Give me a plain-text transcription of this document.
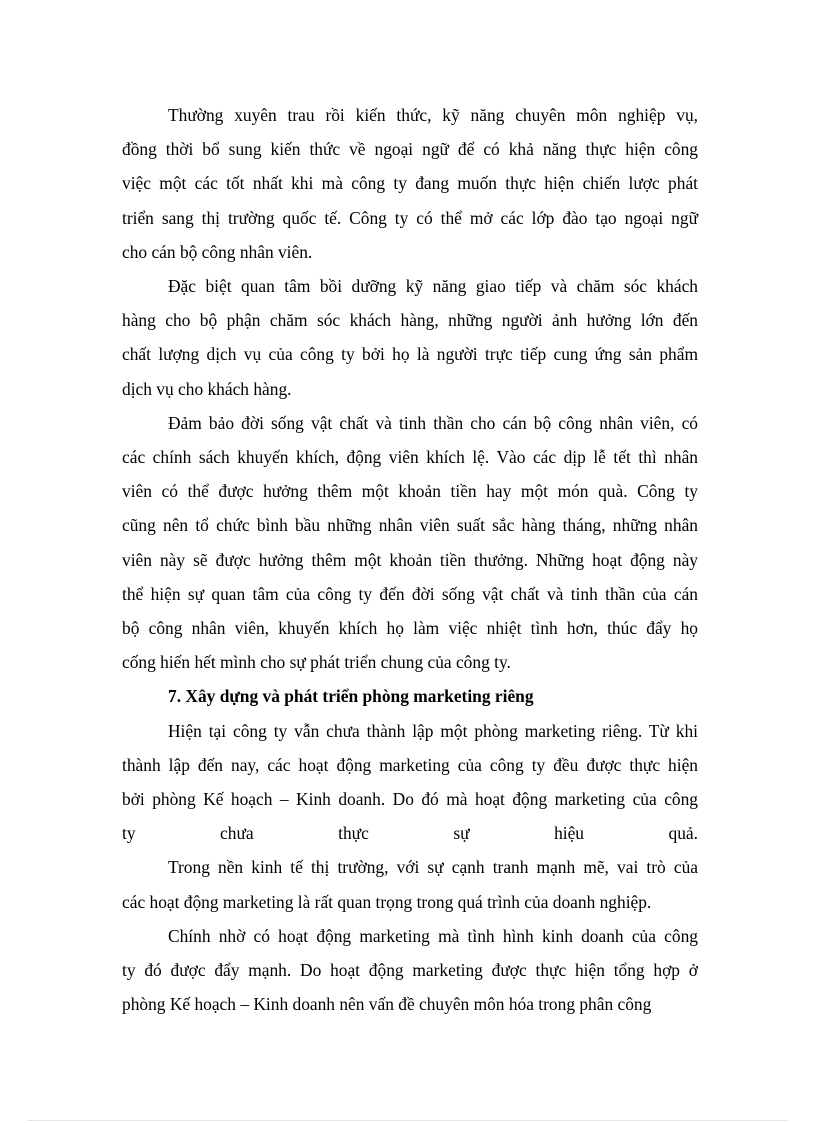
Thường xuyên trau rồi kiến thức, kỹ năng chuyên môn nghiệp vụ,
đồng thời bổ sung kiến thức về ngoại ngữ để có khả năng thực hiện công
việc một các tốt nhất khi mà công ty đang muốn thực hiện chiến lược phát
triển sang thị trường quốc tế. Công ty có thể mở các lớp đào tạo ngoại ngữ
cho cán bộ công nhân viên.

Đặc biệt quan tâm bồi dưỡng kỹ năng giao tiếp và chăm sóc khách
hàng cho bộ phận chăm sóc khách hàng, những người ảnh hưởng lớn đến
chất lượng dịch vụ của công ty bởi họ là người trực tiếp cung ứng sản phẩm
dịch vụ cho khách hàng.

Đảm bảo đời sống vật chất và tinh thần cho cán bộ công nhân viên, có
các chính sách khuyến khích, động viên khích lệ. Vào các dịp lễ tết thì nhân
viên có thể được hưởng thêm một khoản tiền hay một món quà. Công ty
cũng nên tổ chức bình bầu những nhân viên suất sắc hàng tháng, những nhân
viên này sẽ được hưởng thêm một khoản tiền thưởng. Những hoạt động này
thể hiện sự quan tâm của công ty đến đời sống vật chất và tinh thần của cán
bộ công nhân viên, khuyến khích họ làm việc nhiệt tình hơn, thúc đẩy họ
cống hiến hết mình cho sự phát triển chung của công ty.

7. Xây dựng và phát triển phòng marketing riêng

Hiện tại công ty vẫn chưa thành lập một phòng marketing riêng. Từ khi
thành lập đến nay, các hoạt động marketing của công ty đều được thực hiện
bởi phòng Kế hoạch – Kinh doanh. Do đó mà hoạt động marketing của công
ty chưa thực sự hiệu quả.

Trong nền kinh tế thị trường, với sự cạnh tranh mạnh mẽ, vai trò của
các hoạt động marketing là rất quan trọng trong quá trình của doanh nghiệp.

Chính nhờ có hoạt động marketing mà tình hình kinh doanh của công
ty đó được đẩy mạnh. Do hoạt động marketing được thực hiện tổng hợp ở
phòng Kế hoạch – Kinh doanh nên vấn đề chuyên môn hóa trong phân công
